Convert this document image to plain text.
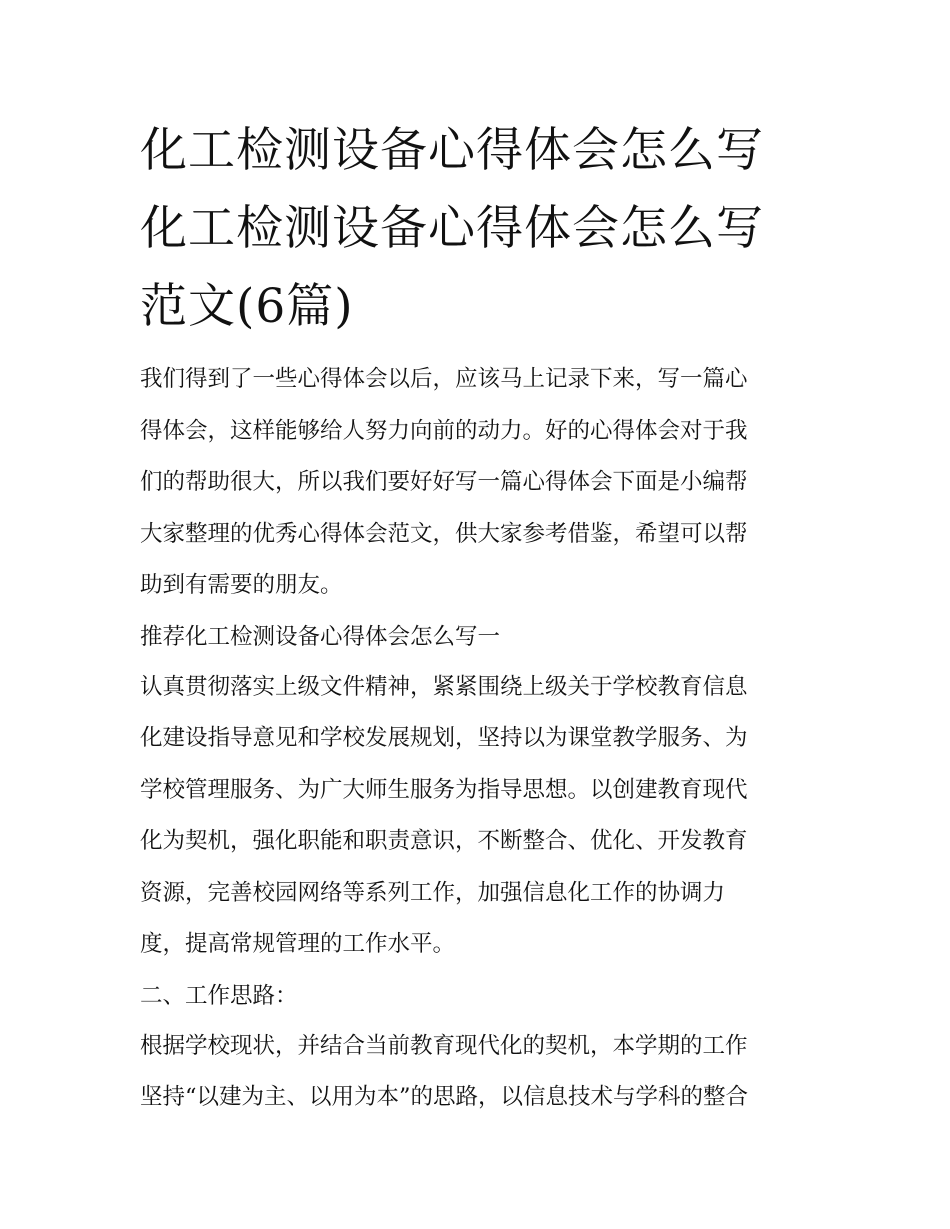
化工检测设备心得体会怎么写
化工检测设备心得体会怎么写
范文(6篇)
我们得到了一些心得体会以后，应该马上记录下来，写一篇心
得体会，这样能够给人努力向前的动力。好的心得体会对于我
们的帮助很大，所以我们要好好写一篇心得体会下面是小编帮
大家整理的优秀心得体会范文，供大家参考借鉴，希望可以帮
助到有需要的朋友。
推荐化工检测设备心得体会怎么写一
认真贯彻落实上级文件精神，紧紧围绕上级关于学校教育信息
化建设指导意见和学校发展规划，坚持以为课堂教学服务、为
学校管理服务、为广大师生服务为指导思想。以创建教育现代
化为契机，强化职能和职责意识，不断整合、优化、开发教育
资源，完善校园网络等系列工作，加强信息化工作的协调力
度，提高常规管理的工作水平。
二、工作思路：
根据学校现状，并结合当前教育现代化的契机，本学期的工作
坚持“以建为主、以用为本”的思路，以信息技术与学科的整合
